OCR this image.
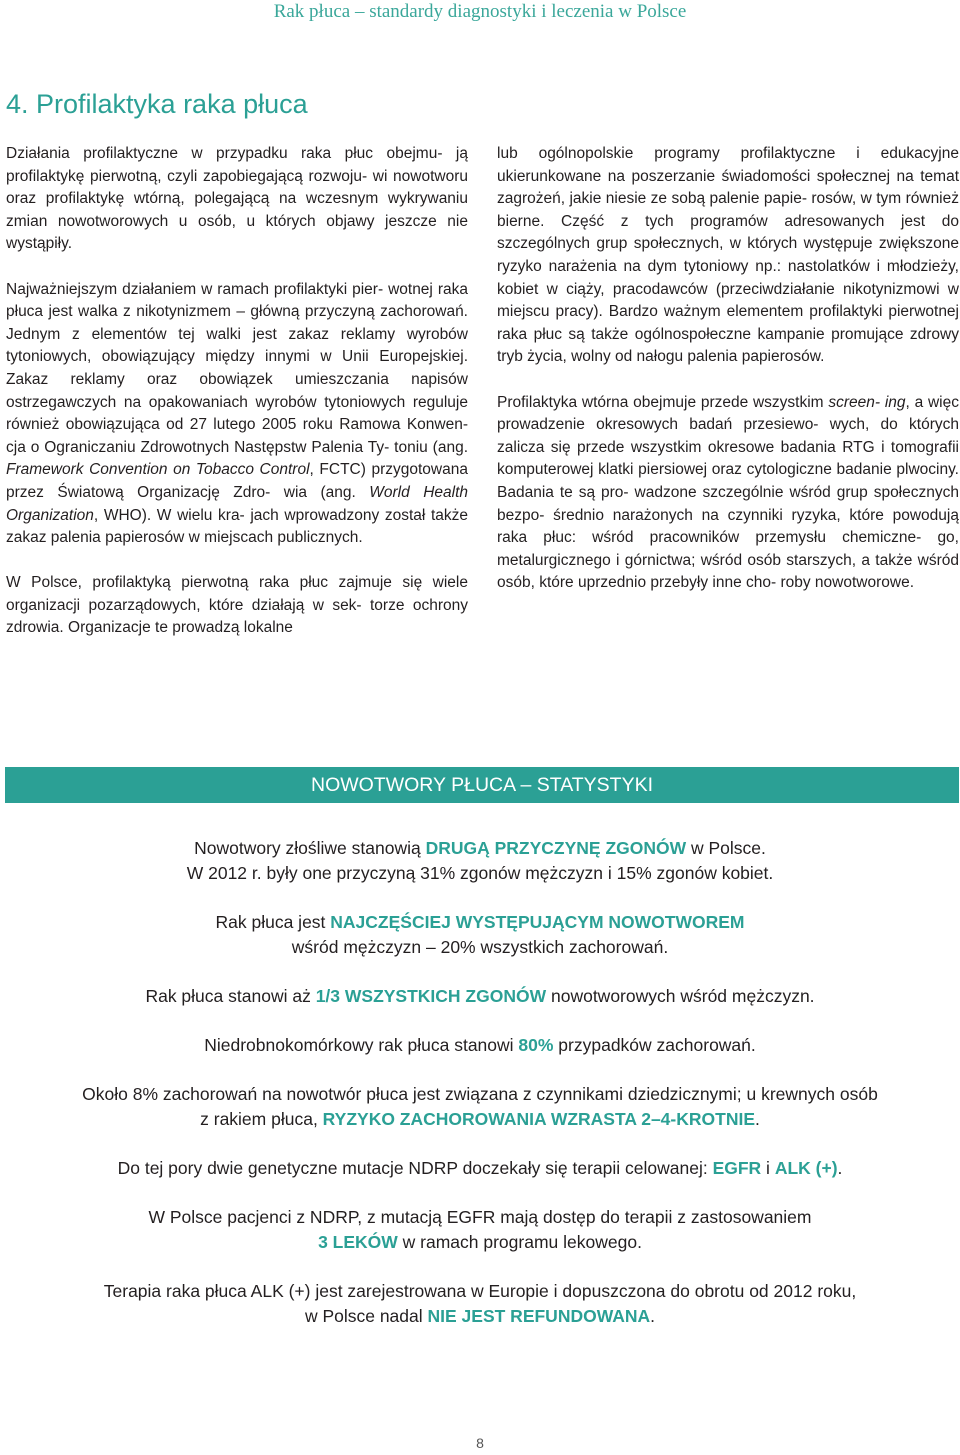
Rak płuca – standardy diagnostyki i leczenia w Polsce
4. Profilaktyka raka płuca

Działania profilaktyczne w przypadku raka płuc obejmu- ją profilaktykę pierwotną, czyli zapobiegającą rozwoju- wi nowotworu oraz profilaktykę wtórną, polegającą na wczesnym wykrywaniu zmian nowotworowych u osób, u których objawy jeszcze nie wystąpiły.

Najważniejszym działaniem w ramach profilaktyki pier- wotnej raka płuca jest walka z nikotynizmem – główną przyczyną zachorowań. Jednym z elementów tej walki jest zakaz reklamy wyrobów tytoniowych, obowiązujący między innymi w Unii Europejskiej. Zakaz reklamy oraz obowiązek umieszczania napisów ostrzegawczych na opakowaniach wyrobów tytoniowych reguluje również obowiązująca od 27 lutego 2005 roku Ramowa Konwen- cja o Ograniczaniu Zdrowotnych Następstw Palenia Ty- toniu (ang. Framework Convention on Tobacco Control, FCTC) przygotowana przez Światową Organizację Zdro- wia (ang. World Health Organization, WHO). W wielu kra- jach wprowadzony został także zakaz palenia papierosów w miejscach publicznych.

W Polsce, profilaktyką pierwotną raka płuc zajmuje się wiele organizacji pozarządowych, które działają w sek- torze ochrony zdrowia. Organizacje te prowadzą lokalne

lub ogólnopolskie programy profilaktyczne i edukacyjne ukierunkowane na poszerzanie świadomości społecznej na temat zagrożeń, jakie niesie ze sobą palenie papie- rosów, w tym również bierne. Część z tych programów adresowanych jest do szczególnych grup społecznych, w których występuje zwiększone ryzyko narażenia na dym tytoniowy np.: nastolatków i młodzieży, kobiet w ciąży, pracodawców (przeciwdziałanie nikotynizmowi w miejscu pracy). Bardzo ważnym elementem profilaktyki pierwotnej raka płuc są także ogólnospołeczne kampanie promujące zdrowy tryb życia, wolny od nałogu palenia papierosów.

Profilaktyka wtórna obejmuje przede wszystkim screen- ing, a więc prowadzenie okresowych badań przesiewo- wych, do których zalicza się przede wszystkim okresowe badania RTG i tomografii komputerowej klatki piersiowej oraz cytologiczne badanie plwociny. Badania te są pro- wadzone szczególnie wśród grup społecznych bezpo- średnio narażonych na czynniki ryzyka, które powodują raka płuc: wśród pracowników przemysłu chemiczne- go, metalurgicznego i górnictwa; wśród osób starszych, a także wśród osób, które uprzednio przebyły inne cho- roby nowotworowe.

NOWOTWORY PŁUCA – STATYSTYKI
Nowotwory złośliwe stanowią DRUGĄ PRZYCZYNĘ ZGONÓW w Polsce.
W 2012 r. były one przyczyną 31% zgonów mężczyzn i 15% zgonów kobiet.
Rak płuca jest NAJCZĘŚCIEJ WYSTĘPUJĄCYM NOWOTWOREM
wśród mężczyzn – 20% wszystkich zachorowań.
Rak płuca stanowi aż 1/3 WSZYSTKICH ZGONÓW nowotworowych wśród mężczyzn.
Niedrobnokomórkowy rak płuca stanowi 80% przypadków zachorowań.
Około 8% zachorowań na nowotwór płuca jest związana z czynnikami dziedzicznymi; u krewnych osób
z rakiem płuca, RYZYKO ZACHOROWANIA WZRASTA 2–4-KROTNIE.
Do tej pory dwie genetyczne mutacje NDRP doczekały się terapii celowanej: EGFR i ALK (+).
W Polsce pacjenci z NDRP, z mutacją EGFR mają dostęp do terapii z zastosowaniem
3 LEKÓW w ramach programu lekowego.
Terapia raka płuca ALK (+) jest zarejestrowana w Europie i dopuszczona do obrotu od 2012 roku,
w Polsce nadal NIE JEST REFUNDOWANA.
8
